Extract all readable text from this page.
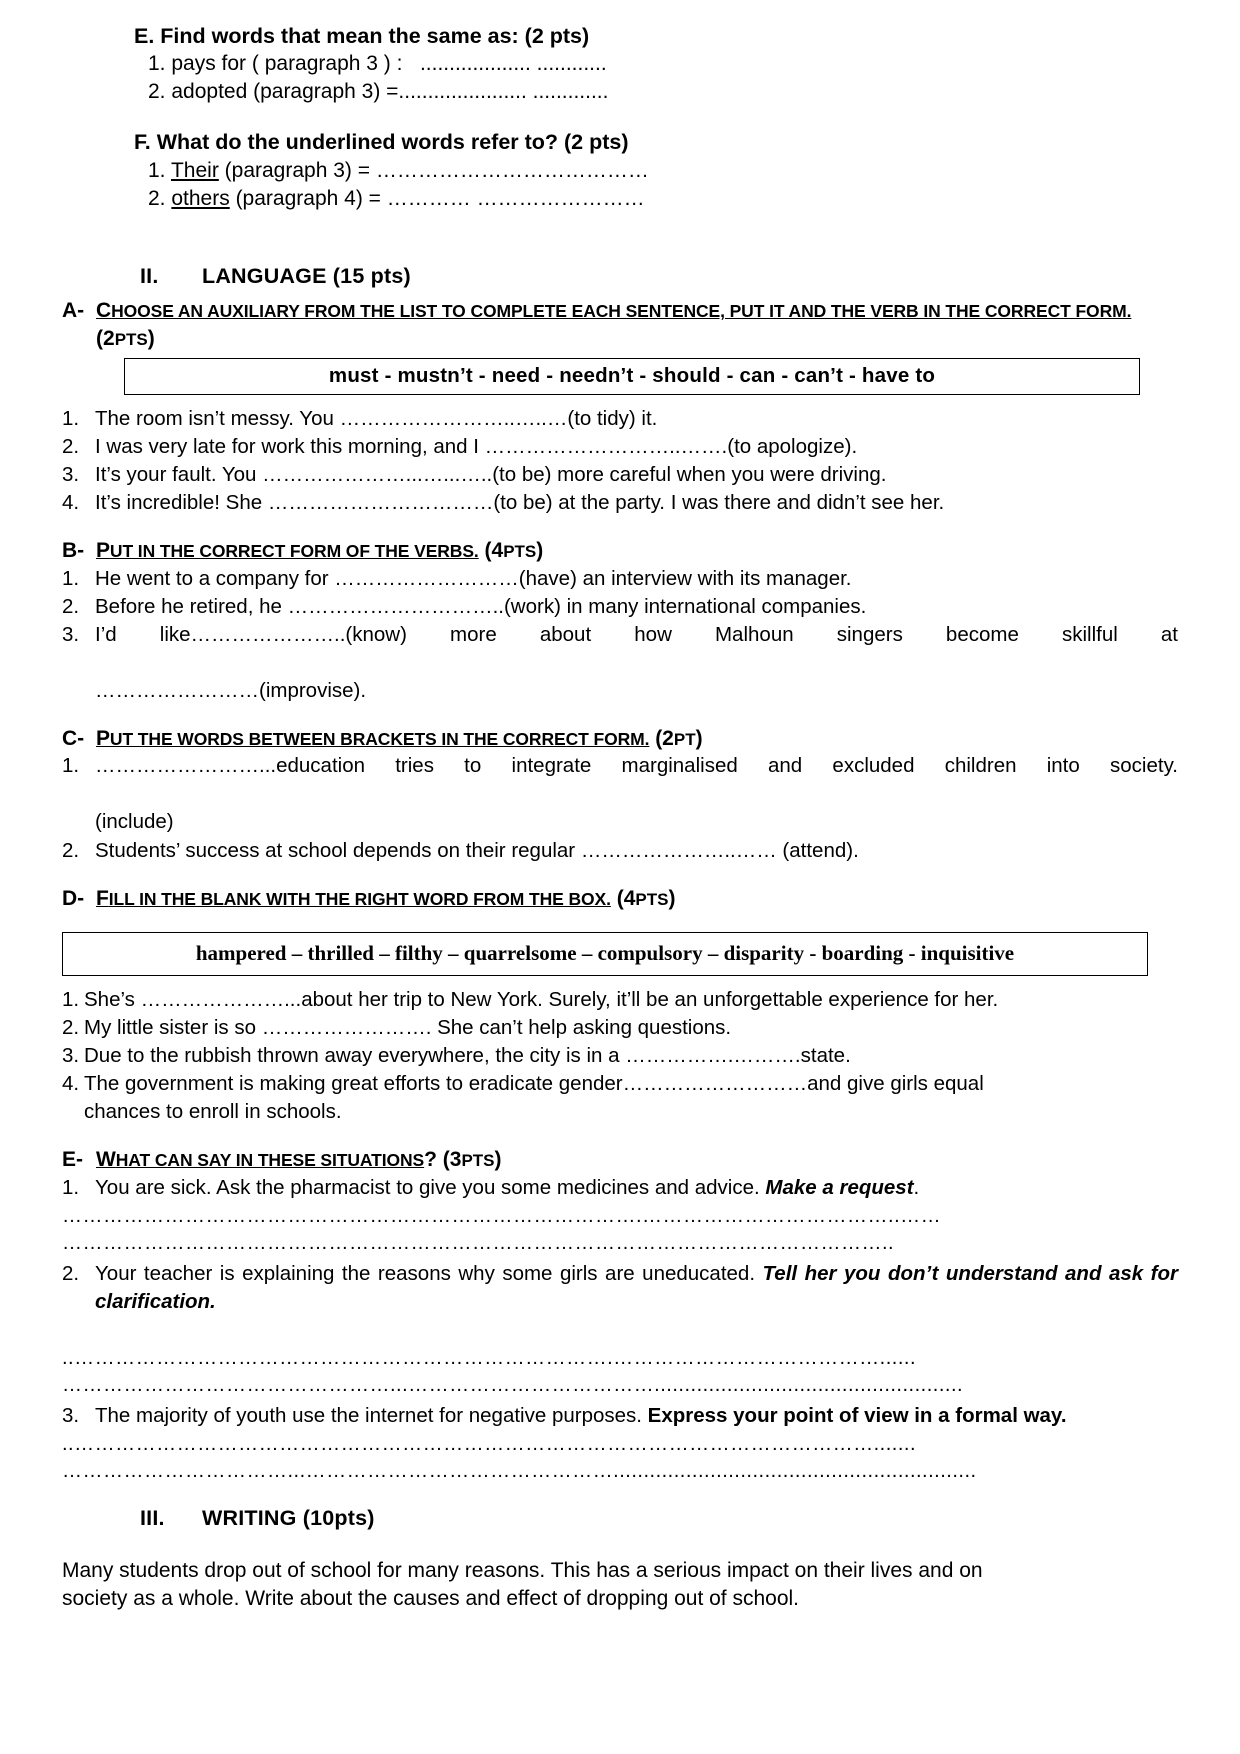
E. Find words that mean the same as: (2 pts)
1. pays for ( paragraph 3 ) :   ................... ............
2. adopted (paragraph 3) =...................... .............
F. What do the underlined words refer to? (2 pts)
1. Their (paragraph 3) = …………………………………
2. others (paragraph 4) = ………… ……………………
II. LANGUAGE (15 pts)
A- CHOOSE AN AUXILIARY FROM THE LIST TO COMPLETE EACH SENTENCE, PUT IT AND THE VERB IN THE CORRECT FORM. (2PTS)
must - mustn’t - need - needn’t - should - can - can’t - have to
1. The room isn’t messy. You ……………………..…..…(to tidy) it.
2. I was very late for work this morning, and I ………………………..…….(to apologize).
3. It’s your fault. You …………………...…...…..(to be) more careful when you were driving.
4. It’s incredible! She ……………………………(to be) at the party. I was there and didn’t see her.
B- PUT IN THE CORRECT FORM OF THE VERBS. (4PTS)
1. He went to a company for ………………………(have) an interview with its manager.
2. Before he retired, he …………………………..(work) in many international companies.
3. I’d like…………………..(know) more about how Malhoun singers become skillful at
……………………(improvise).
C- PUT THE WORDS BETWEEN BRACKETS IN THE CORRECT FORM. (2PT)
1. ……………………...education tries to integrate marginalised and excluded children into society.
(include)
2. Students’ success at school depends on their regular …………………..…… (attend).
D- FILL IN THE BLANK WITH THE RIGHT WORD FROM THE BOX. (4PTS)
hampered – thrilled – filthy – quarrelsome – compulsory – disparity - boarding - inquisitive
1. She’s …………………...about her trip to New York. Surely, it’ll be an unforgettable experience for her.
2. My little sister is so ……………………. She can’t help asking questions.
3. Due to the rubbish thrown away everywhere, the city is in a …………….……….state.
4. The government is making great efforts to eradicate gender………………………and give girls equal
chances to enroll in schools.
E- WHAT CAN SAY IN THESE SITUATIONS? (3PTS)
1. You are sick. Ask the pharmacist to give you some medicines and advice. Make a request.
………………………………………………………………………….………………………………..……
…………………………………………………………………………………………………………..
2. Your teacher is explaining the reasons why some girls are uneducated. Tell her you don’t understand and ask for clarification.
..…………………………………………………………………….…………………………………......
…………………………………………...………………………………...................................................
3. The majority of youth use the internet for negative purposes. Express your point of view in a formal way.
..……………………………………………………………………………………………………….......
……………………………...………………………………………............................................................
III. WRITING (10pts)
Many students drop out of school for many reasons. This has a serious impact on their lives and on
society as a whole. Write about the causes and effect of dropping out of school.
